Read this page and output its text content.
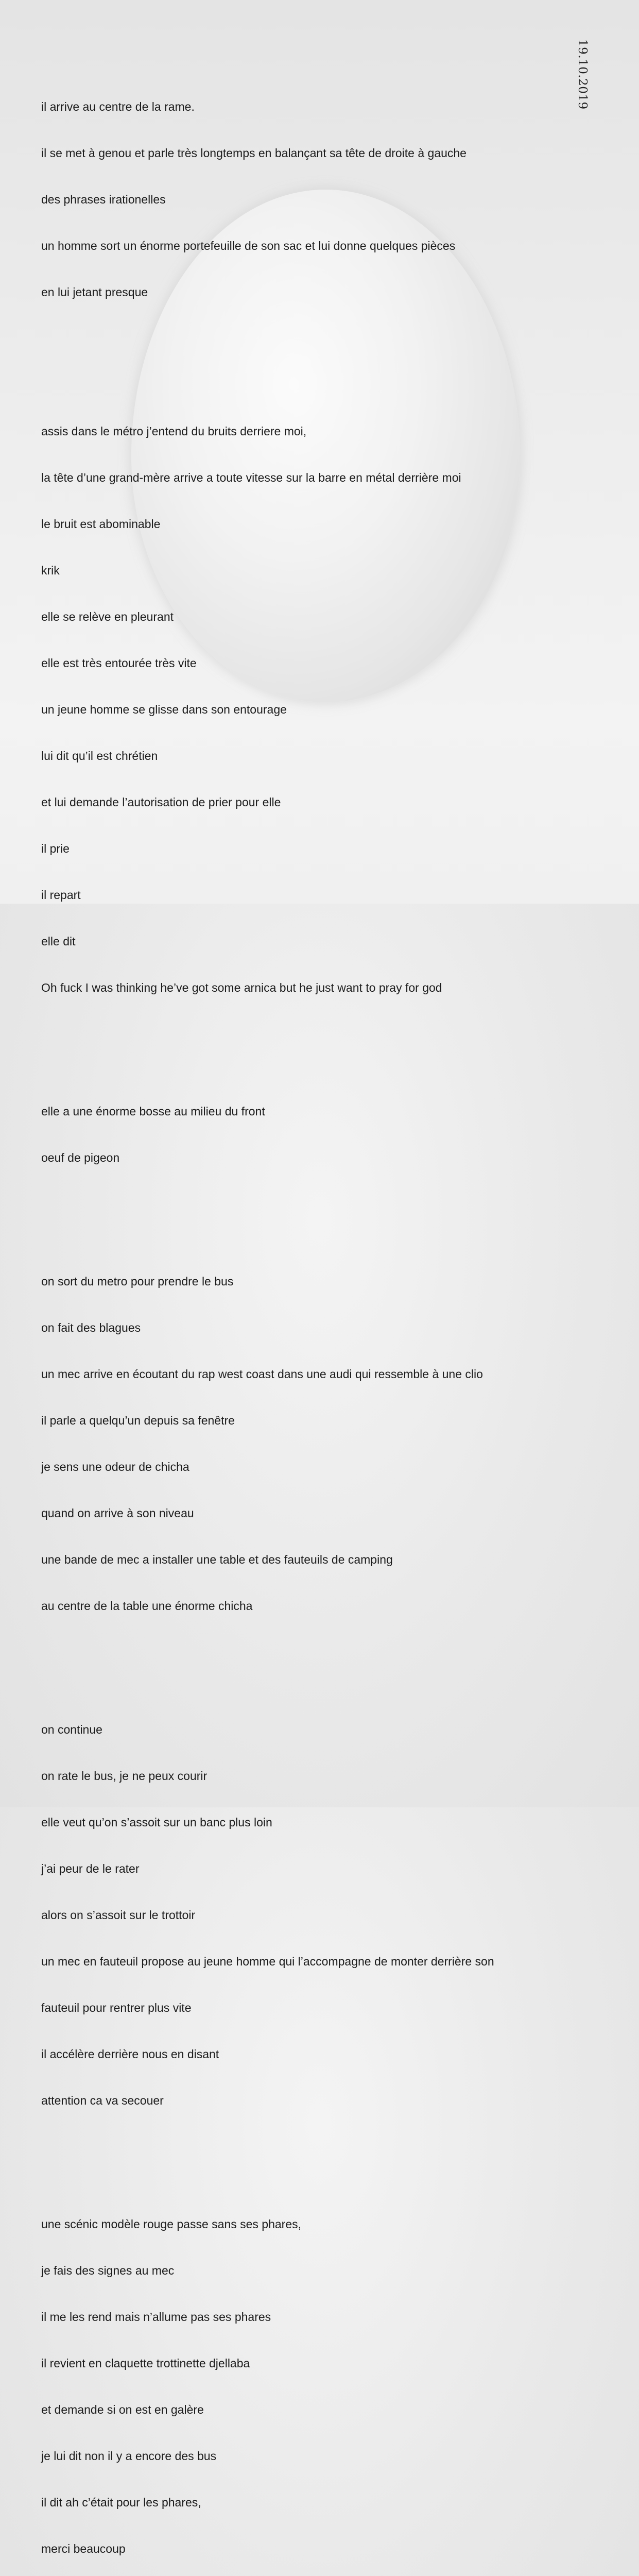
19.10.2019

il arrive au centre de la rame.

il se met à genou et parle très longtemps en balançant sa tête de droite à gauche

des phrases irationelles

un homme sort un énorme portefeuille de son sac et lui donne quelques pièces

en lui jetant presque

assis dans le métro j’entend du bruits derriere moi,

la tête d’une grand-mère arrive a toute vitesse sur la barre en métal derrière moi

le bruit est abominable

krik

elle se relève en pleurant

elle est très entourée très vite

un jeune homme se glisse dans son entourage

lui dit qu’il est chrétien

et lui demande l’autorisation de prier pour elle

il prie

il repart

elle dit

Oh fuck I was thinking he’ve got some arnica but he just want to pray for god

elle a une énorme bosse au milieu du front

oeuf de pigeon

on sort du metro pour prendre le bus

on fait des blagues

un mec arrive en écoutant du rap west coast dans une audi qui ressemble à une clio

il parle a quelqu’un depuis sa fenêtre

je sens une odeur de chicha

quand on arrive à son niveau

une bande de mec a installer une table et des fauteuils de camping

au centre de la table une énorme chicha

on continue

on rate le bus, je ne peux courir

elle veut qu’on s’assoit sur un banc plus loin

j’ai peur de le rater

alors on s’assoit sur le trottoir

un mec en fauteuil propose au jeune homme qui l’accompagne de monter derrière son

fauteuil pour rentrer plus vite

il accélère derrière nous en disant

attention ca va secouer

une scénic modèle rouge passe sans ses phares,

je fais des signes au mec

il me les rend mais n’allume pas ses phares

il revient en claquette trottinette djellaba

et demande si on est en galère

je lui dit non il y a encore des bus

il dit ah c’était pour les phares,

merci beaucoup
